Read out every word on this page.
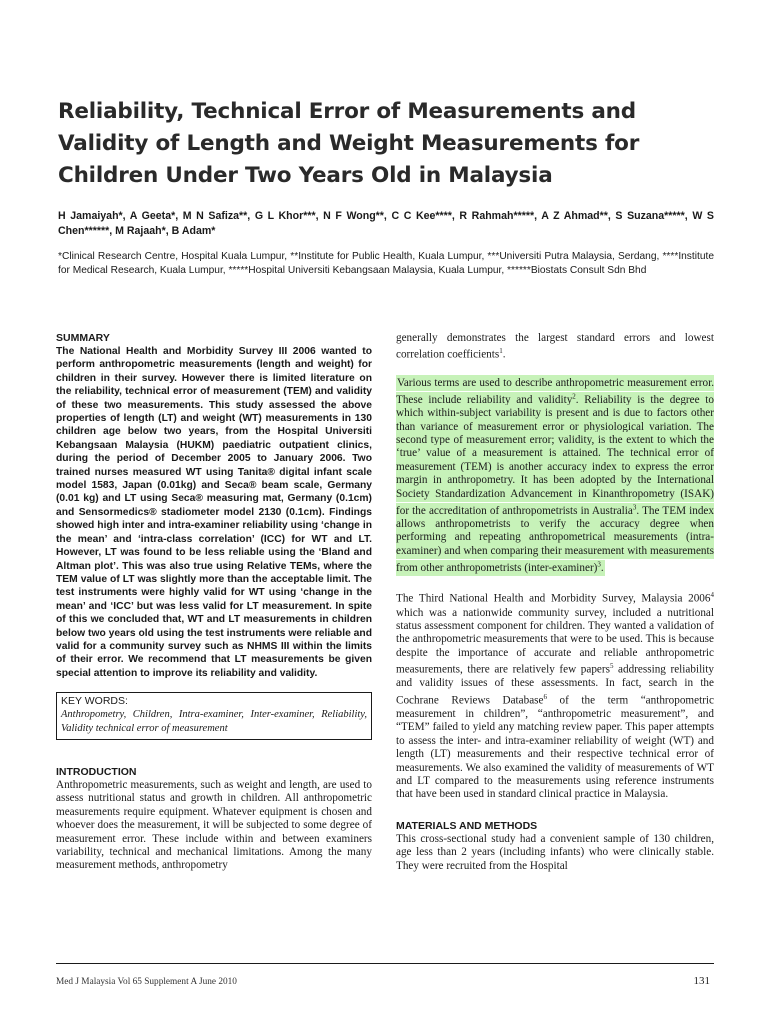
Reliability, Technical Error of Measurements and Validity of Length and Weight Measurements for Children Under Two Years Old in Malaysia
H Jamaiyah*, A Geeta*, M N Safiza**, G L Khor***, N F Wong**, C C Kee****, R Rahmah*****, A Z Ahmad**, S Suzana*****, W S Chen******, M Rajaah*, B Adam*
*Clinical Research Centre, Hospital Kuala Lumpur, **Institute for Public Health, Kuala Lumpur, ***Universiti Putra Malaysia, Serdang, ****Institute for Medical Research, Kuala Lumpur, *****Hospital Universiti Kebangsaan Malaysia, Kuala Lumpur, ******Biostats Consult Sdn Bhd

SUMMARY

The National Health and Morbidity Survey III 2006 wanted to perform anthropometric measurements (length and weight) for children in their survey. However there is limited literature on the reliability, technical error of measurement (TEM) and validity of these two measurements. This study assessed the above properties of length (LT) and weight (WT) measurements in 130 children age below two years, from the Hospital Universiti Kebangsaan Malaysia (HUKM) paediatric outpatient clinics, during the period of December 2005 to January 2006. Two trained nurses measured WT using Tanita® digital infant scale model 1583, Japan (0.01kg) and Seca® beam scale, Germany (0.01 kg) and LT using Seca® measuring mat, Germany (0.1cm) and Sensormedics® stadiometer model 2130 (0.1cm). Findings showed high inter and intra-examiner reliability using ‘change in the mean’ and ‘intra-class correlation’ (ICC) for WT and LT. However, LT was found to be less reliable using the ‘Bland and Altman plot’. This was also true using Relative TEMs, where the TEM value of LT was slightly more than the acceptable limit. The test instruments were highly valid for WT using ‘change in the mean’ and ‘ICC’ but was less valid for LT measurement. In spite of this we concluded that, WT and LT measurements in children below two years old using the test instruments were reliable and valid for a community survey such as NHMS III within the limits of their error. We recommend that LT measurements be given special attention to improve its reliability and validity.

KEY WORDS:

Anthropometry, Children, Intra-examiner, Inter-examiner, Reliability, Validity technical error of measurement

INTRODUCTION

Anthropometric measurements, such as weight and length, are used to assess nutritional status and growth in children. All anthropometric measurements require equipment. Whatever equipment is chosen and whoever does the measurement, it will be subjected to some degree of measurement error. These include within and between examiners variability, technical and mechanical limitations. Among the many measurement methods, anthropometry

generally demonstrates the largest standard errors and lowest correlation coefficients$^1$.

Various terms are used to describe anthropometric measurement error. These include reliability and validity$^2$. Reliability is the degree to which within-subject variability is present and is due to factors other than variance of measurement error or physiological variation. The second type of measurement error; validity, is the extent to which the ‘true’ value of a measurement is attained. The technical error of measurement (TEM) is another accuracy index to express the error margin in anthropometry. It has been adopted by the International Society Standardization Advancement in Kinanthropometry (ISAK) for the accreditation of anthropometrists in Australia$^3$. The TEM index allows anthropometrists to verify the accuracy degree when performing and repeating anthropometrical measurements (intra-examiner) and when comparing their measurement with measurements from other anthropometrists (inter-examiner)$^3$.

The Third National Health and Morbidity Survey, Malaysia 2006$^4$ which was a nationwide community survey, included a nutritional status assessment component for children. They wanted a validation of the anthropometric measurements that were to be used. This is because despite the importance of accurate and reliable anthropometric measurements, there are relatively few papers$^5$ addressing reliability and validity issues of these assessments. In fact, search in the Cochrane Reviews Database$^6$ of the term “anthropometric measurement in children”, “anthropometric measurement”, and “TEM” failed to yield any matching review paper. This paper attempts to assess the inter- and intra-examiner reliability of weight (WT) and length (LT) measurements and their respective technical error of measurements. We also examined the validity of measurements of WT and LT compared to the measurements using reference instruments that have been used in standard clinical practice in Malaysia.

MATERIALS AND METHODS

This cross-sectional study had a convenient sample of 130 children, age less than 2 years (including infants) who were clinically stable. They were recruited from the Hospital

Med J Malaysia Vol 65 Supplement A June 2010	131
